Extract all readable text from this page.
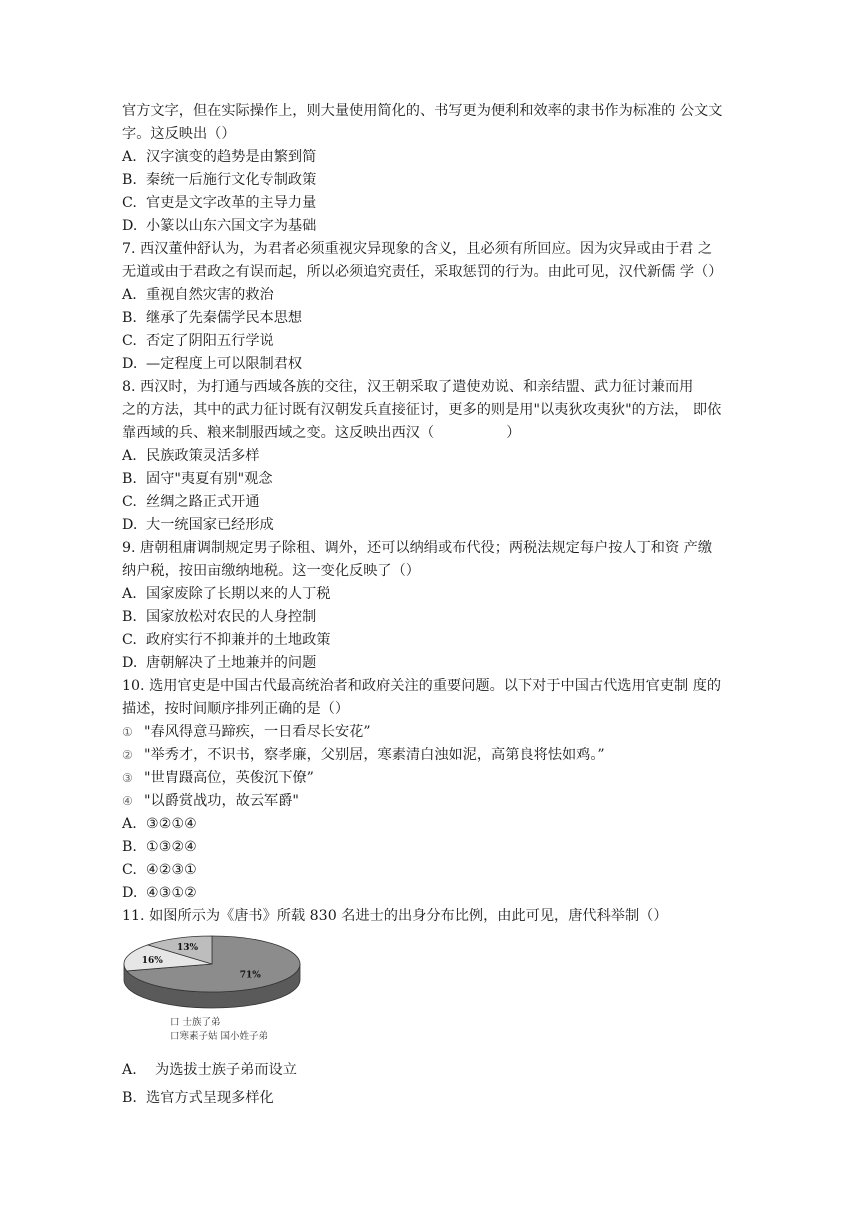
官方文字，但在实际操作上，则大量使用简化的、书写更为便利和效率的隶书作为标准的 公文文
字。这反映出（）
A. 汉字演变的趋势是由繁到简
B. 秦统一后施行文化专制政策
C. 官吏是文字改革的主导力量
D. 小篆以山东六国文字为基础
7. 西汉董仲舒认为，为君者必须重视灾异现象的含义，且必须有所回应。因为灾异或由于君 之
无道或由于君政之有误而起，所以必须追究责任，采取惩罚的行为。由此可见，汉代新儒 学（）
A. 重视自然灾害的救治
B. 继承了先秦儒学民本思想
C. 否定了阴阳五行学说
D. —定程度上可以限制君权
8. 西汉时，为打通与西域各族的交往，汉王朝采取了遣使劝说、和亲结盟、武力征讨兼而用
之的方法，其中的武力征讨既有汉朝发兵直接征讨，更多的则是用"以夷狄攻夷狄"的方法， 即依
靠西域的兵、粮来制服西域之变。这反映出西汉（                ）
A. 民族政策灵活多样
B. 固守"夷夏有别"观念
C. 丝绸之路正式开通
D. 大一统国家已经形成
9. 唐朝租庸调制规定男子除租、调外，还可以纳绢或布代役；两税法规定每户按人丁和资 产缴
纳户税，按田亩缴纳地税。这一变化反映了（）
A. 国家废除了长期以来的人丁税
B. 国家放松对农民的人身控制
C. 政府实行不抑兼并的土地政策
D. 唐朝解决了土地兼并的问题
10. 选用官吏是中国古代最高统治者和政府关注的重要问题。以下对于中国古代选用官吏制 度的
描述，按时间顺序排列正确的是（）
① "春风得意马蹄疾，一日看尽长安花”
② "举秀才，不识书，察孝廉，父别居，寒素清白浊如泥，高第良将怯如鸡。”
③ "世胄蹑高位，英俊沉下僚”
④ "以爵赏战功，故云军爵"
A. ③②①④
B. ①③②④
C. ④②③①
D. ④③①②
11. 如图所示为《唐书》所载 830 名进士的出身分布比例，由此可见，唐代科举制（）
71%
16%
13%
口 士族了弟
口寒素子姑 国小姓子弟
A.  为选拔士族子弟而设立
B. 选官方式呈现多样化
